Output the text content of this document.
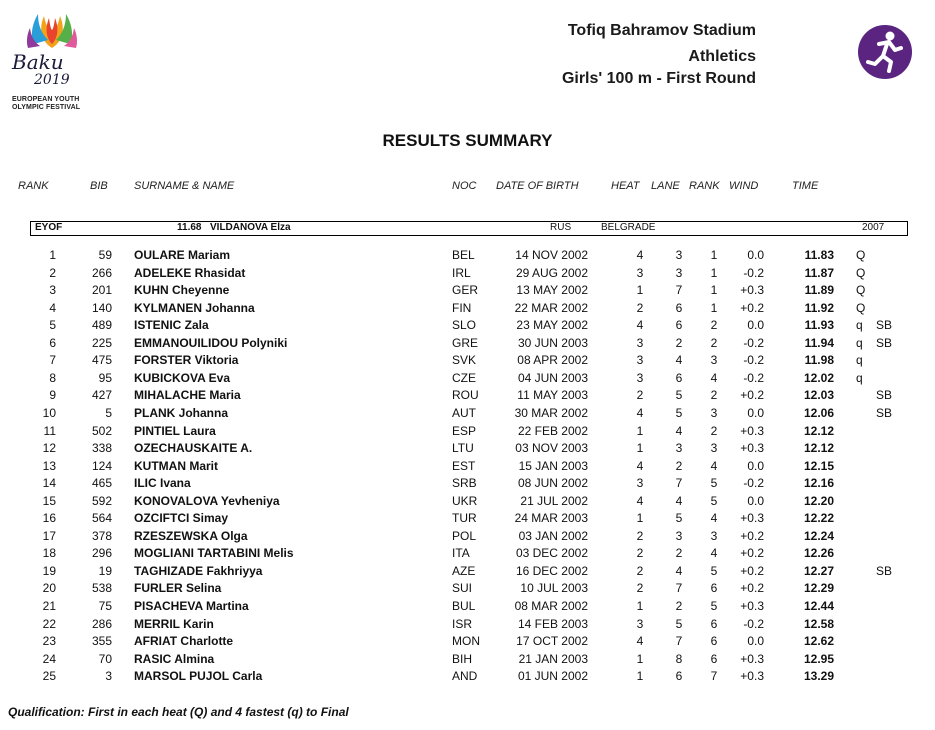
Baku
2019
EUROPEAN YOUTH
OLYMPIC FESTIVAL
Tofiq Bahramov Stadium
Athletics
Girls' 100 m - First Round
RESULTS SUMMARY
RANK	BIB SURNAME & NAME	NOC DATE OF BIRTH	HEAT LANE RANK WIND	TIME
EYOF	11.68 VILDANOVA Elza	RUS	BELGRADE	2007
1	59 OULARE Mariam	BEL	14 NOV 2002	4	3	1	0.0	11.83 Q
2	266 ADELEKE Rhasidat	IRL	29 AUG 2002	3	3	1	-0.2	11.87 Q
3	201 KUHN Cheyenne	GER	13 MAY 2002	1	7	1	+0.3	11.89 Q
4	140 KYLMANEN Johanna	FIN	22 MAR 2002	2	6	1	+0.2	11.92 Q
5	489 ISTENIC Zala	SLO	23 MAY 2002	4	6	2	0.0	11.93 q SB
6	225 EMMANOUILIDOU Polyniki	GRE	30 JUN 2003	3	2	2	-0.2	11.94 q SB
7	475 FORSTER Viktoria	SVK	08 APR 2002	3	4	3	-0.2	11.98 q
8	95 KUBICKOVA Eva	CZE	04 JUN 2003	3	6	4	-0.2	12.02 q
9	427 MIHALACHE Maria	ROU	11 MAY 2003	2	5	2	+0.2	12.03	SB
10	5 PLANK Johanna	AUT	30 MAR 2002	4	5	3	0.0	12.06	SB
11	502 PINTIEL Laura	ESP	22 FEB 2002	1	4	2	+0.3	12.12
12	338 OZECHAUSKAITE A.	LTU	03 NOV 2003	1	3	3	+0.3	12.12
13	124 KUTMAN Marit	EST	15 JAN 2003	4	2	4	0.0	12.15
14	465 ILIC Ivana	SRB	08 JUN 2002	3	7	5	-0.2	12.16
15	592 KONOVALOVA Yevheniya	UKR	21 JUL 2002	4	4	5	0.0	12.20
16	564 OZCIFTCI Simay	TUR	24 MAR 2003	1	5	4	+0.3	12.22
17	378 RZESZEWSKA Olga	POL	03 JAN 2002	2	3	3	+0.2	12.24
18	296 MOGLIANI TARTABINI Melis	ITA	03 DEC 2002	2	2	4	+0.2	12.26
19	19 TAGHIZADE Fakhriyya	AZE	16 DEC 2002	2	4	5	+0.2	12.27	SB
20	538 FURLER Selina	SUI	10 JUL 2003	2	7	6	+0.2	12.29
21	75 PISACHEVA Martina	BUL	08 MAR 2002	1	2	5	+0.3	12.44
22	286 MERRIL Karin	ISR	14 FEB 2003	3	5	6	-0.2	12.58
23	355 AFRIAT Charlotte	MON	17 OCT 2002	4	7	6	0.0	12.62
24	70 RASIC Almina	BIH	21 JAN 2003	1	8	6	+0.3	12.95
25	3 MARSOL PUJOL Carla	AND	01 JUN 2002	1	6	7	+0.3	13.29
Qualification: First in each heat (Q) and 4 fastest (q) to Final
